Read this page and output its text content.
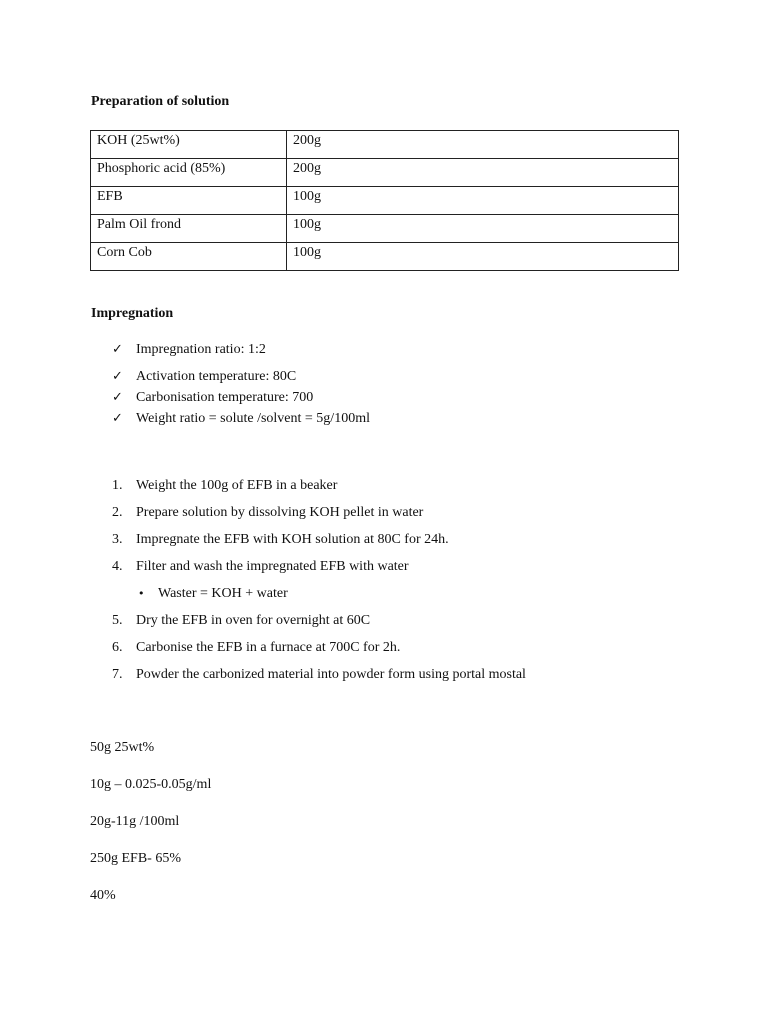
Preparation of solution
KOH (25wt%)	200g
Phosphoric acid (85%)	200g
EFB	100g
Palm Oil frond	100g
Corn Cob	100g
Impregnation
✓ Impregnation ratio: 1:2
✓ Activation temperature: 80C
✓ Carbonisation temperature: 700
✓ Weight ratio = solute /solvent = 5g/100ml
1. Weight the 100g of EFB in a beaker
2. Prepare solution by dissolving KOH pellet in water
3. Impregnate the EFB with KOH solution at 80C for 24h.
4. Filter and wash the impregnated EFB with water
• Waster = KOH + water
5. Dry the EFB in oven for overnight at 60C
6. Carbonise the EFB in a furnace at 700C for 2h.
7. Powder the carbonized material into powder form using portal mostal
50g 25wt%
10g – 0.025-0.05g/ml
20g-11g /100ml
250g EFB- 65%
40%
